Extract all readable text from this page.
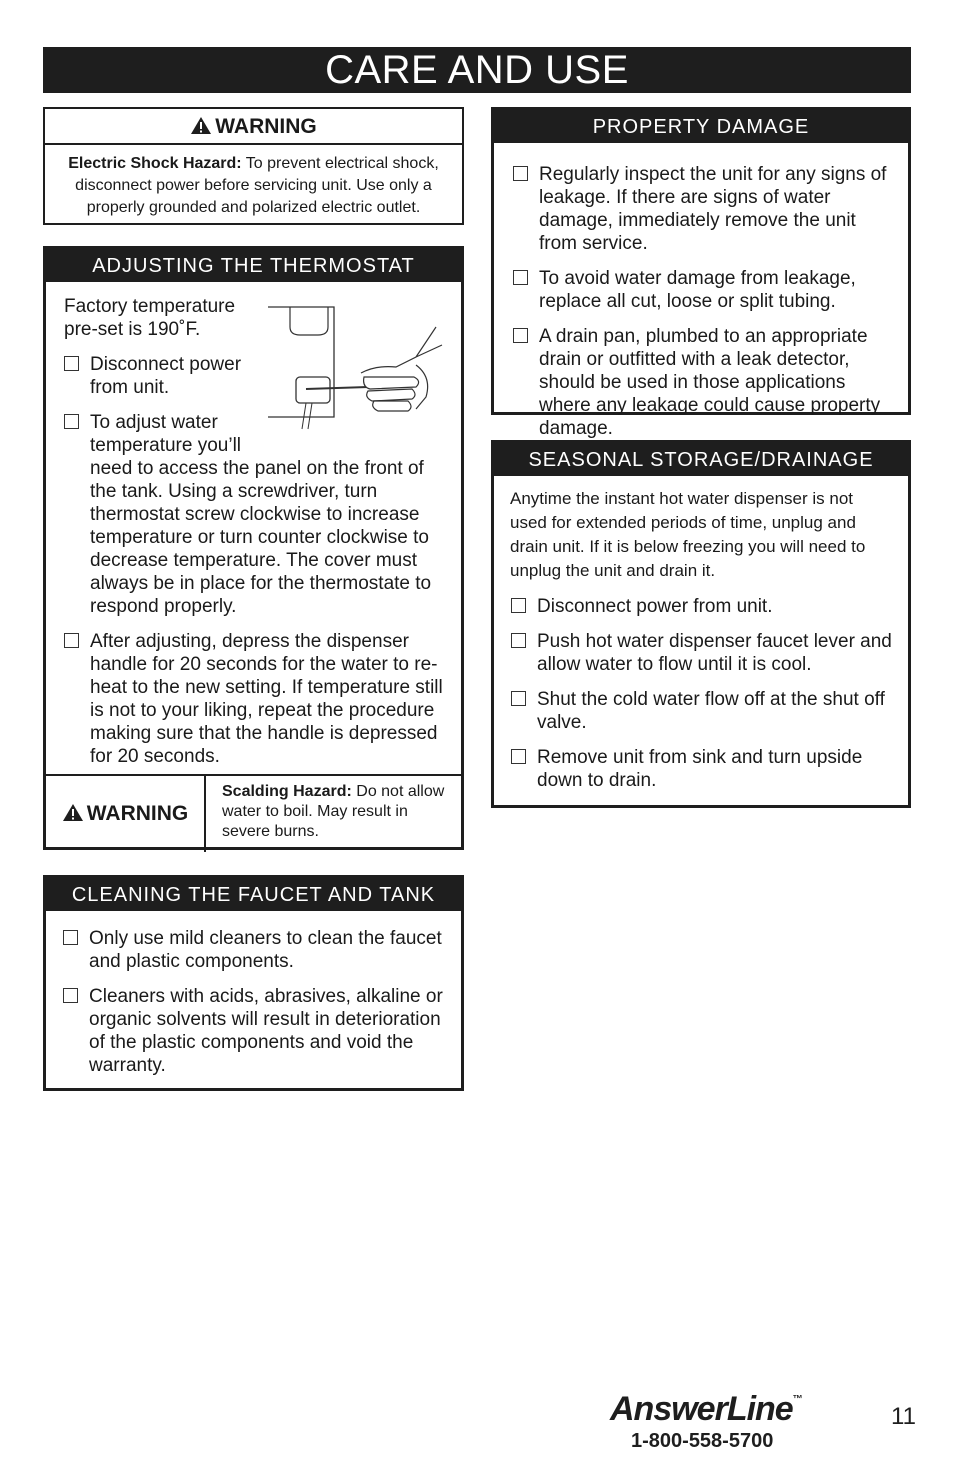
CARE AND USE
WARNING
Electric Shock Hazard: To prevent electrical shock, disconnect power before servicing unit. Use only a properly grounded and polarized electric outlet.
ADJUSTING THE THERMOSTAT
Factory temperature
pre-set is 190˚F.
Disconnect power
from unit.
To adjust water
temperature you’ll
need to access the panel on the front of the tank. Using a screwdriver, turn thermostat screw clockwise to increase temperature or turn counter clockwise to decrease temperature. The cover must always be in place for the thermostate to respond properly.
After adjusting, depress the dispenser handle for 20 seconds for the water to re-heat to the new setting. If temperature still is not to your liking, repeat the procedure making sure that the handle is depressed for 20 seconds.
WARNING
Scalding Hazard: Do not allow water to boil. May result in severe burns.
CLEANING THE FAUCET AND TANK
Only use mild cleaners to clean the faucet and plastic components.
Cleaners with acids, abrasives, alkaline or organic solvents will result in deterioration of the plastic components and void the warranty.
PROPERTY DAMAGE
Regularly inspect the unit for any signs of leakage. If there are signs of water damage, immediately remove the unit from service.
To avoid water damage from leakage, replace all cut, loose or split tubing.
A drain pan, plumbed to an appropriate drain or outfitted with a leak detector, should be used in those applications where any leakage could cause property damage.
SEASONAL STORAGE/DRAINAGE
Anytime the instant hot water dispenser is not used for extended periods of time, unplug and drain unit. If it is below freezing you will need to unplug the unit and drain it.
Disconnect power from unit.
Push hot water dispenser faucet lever and allow water to flow until it is cool.
Shut the cold water flow off at the shut off valve.
Remove unit from sink and turn upside down to drain.
AnswerLine™
1-800-558-5700
11
